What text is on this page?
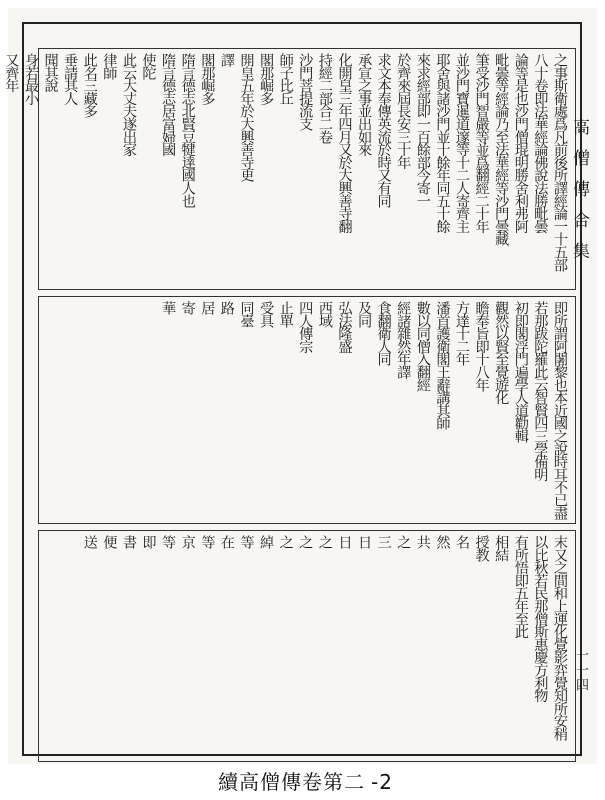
之事斯衛處爲凡前後所譯經論一十五部
八十卷即法華經論佛說法勝毗曇
論等是也沙門僧琨明勝舍利弗阿
毗曇等經論乃至法華經等沙門曇藏
筆受沙門智嚴等並爲翻經二十年
並沙門寶暹道邃等十二人寄齊主
耶舍與諸沙門並十餘年同五十餘
來求經部即一百餘部今寄一
於齊來屆長安三十年
求文本奉傳英流於時又有同
承宣之事並出如來
化開皇三年四月又於大興善寺翻
持經二部合二卷
沙門菩提流支
師子比丘
閣那崛多
開皇五年於大興善寺更
譯
閣那崛多
隋言德志北賢豆犍達國人也
隋言德志居富婦國
使陀
此云大丈夫遂出家
律師
此名三藏多
垂請其人
聞其說
身若最小
又齊年
即所謂阿闍黎也本近國之說時耳不已盡
若那跋陀羅此云智賢四三學備明
初即閣浮門遍學人道勸輯
觀然以賢至覺遊化
瞻奉旨即十八年
方達十二年
潘首護衛閣王辭講其師
數以同僧入翻經
經諸雜然年譯
食翻衛人同
及同
弘法隆盛
西域
四人傳宗
止單
受具
同臺
路
居
寄
華
末又之間和上運化覺影弈覺知所安稍
以比秋若民那僧斯惠慶方利物
有所悟即五年至此
相結
授教
名
然
共
之
三
日
日
之
之
之
綽
等
在
等
京
等
即
書
便
送
高僧傳合集
一一四
續高僧傳卷第二 -2
